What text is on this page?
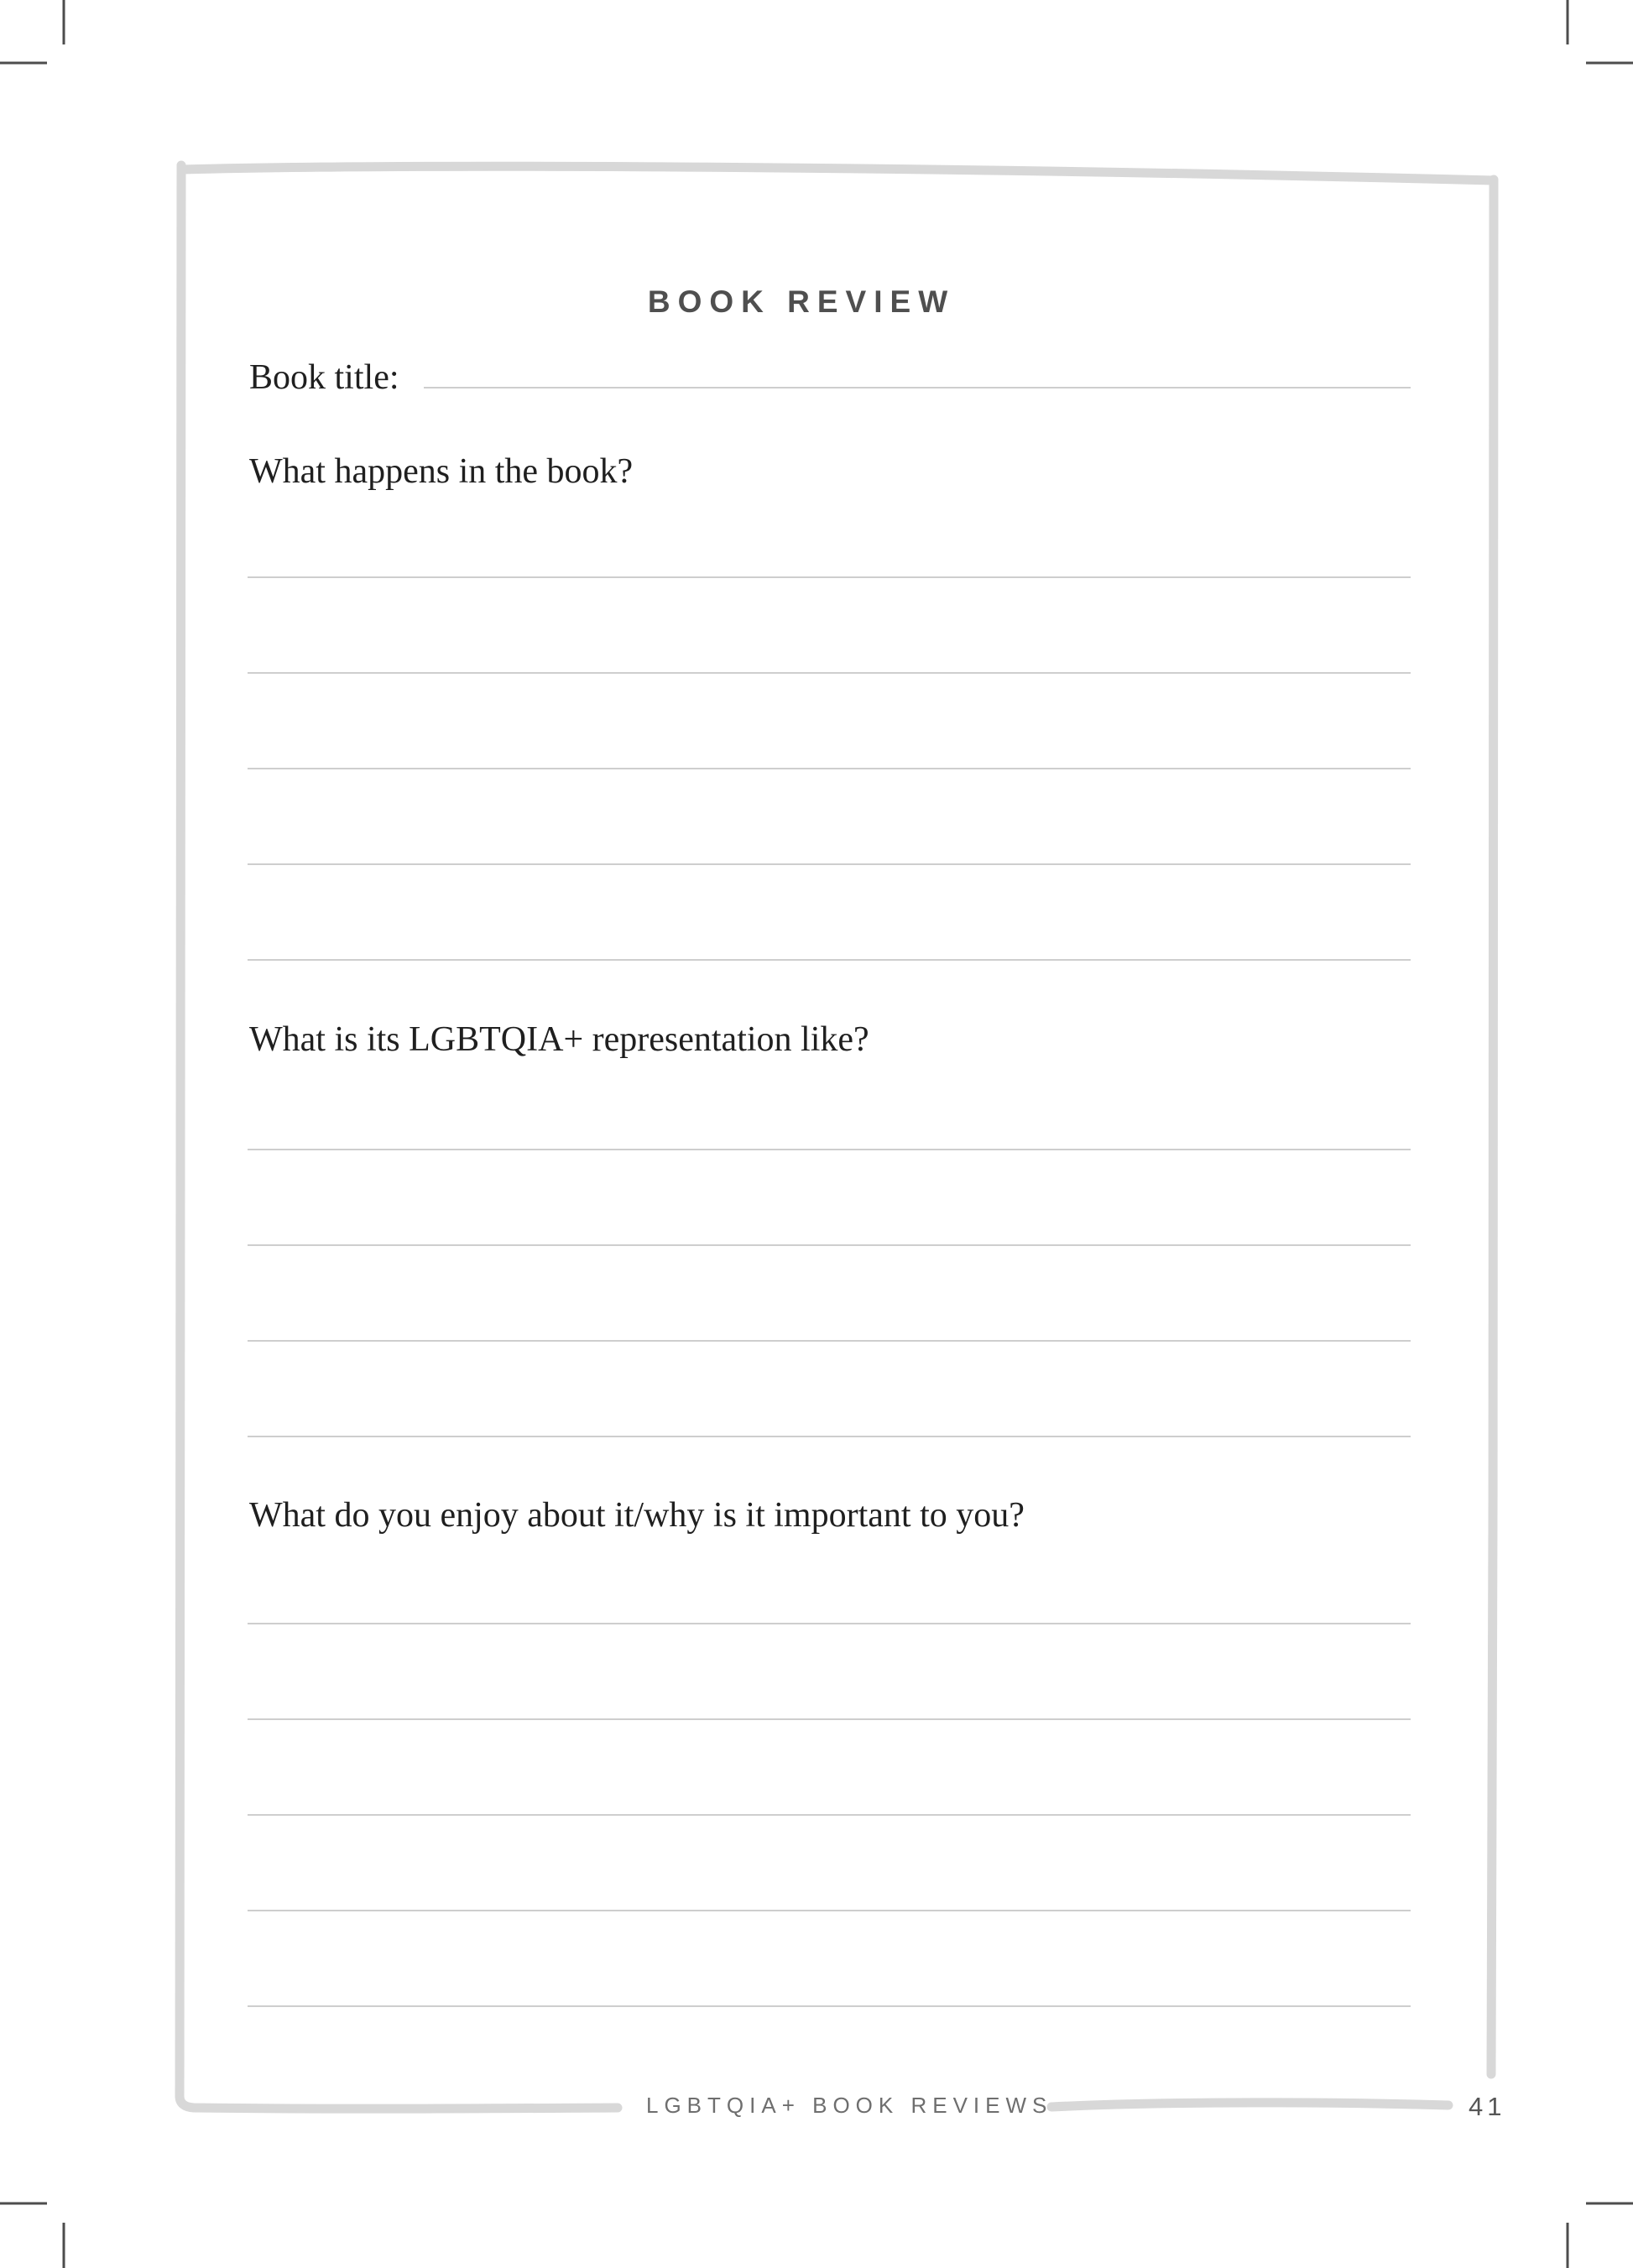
BOOK REVIEW
Book title:
What happens in the book?
What is its LGBTQIA+ representation like?
What do you enjoy about it/why is it important to you?
LGBTQIA+ BOOK REVIEWS	41
